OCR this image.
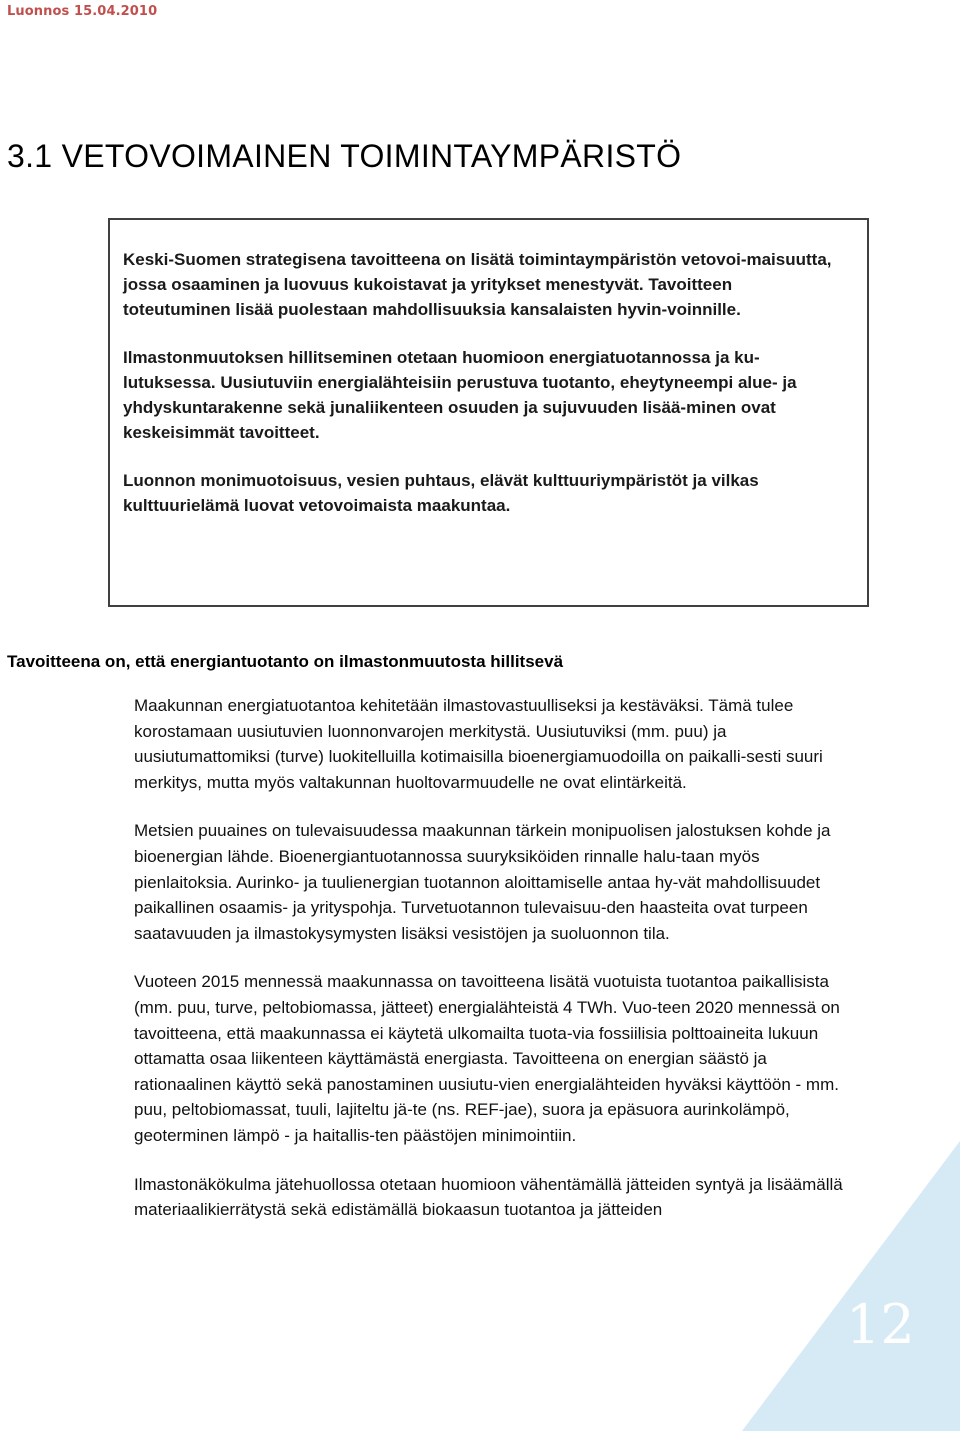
Luonnos 15.04.2010
3.1 VETOVOIMAINEN TOIMINTAYMPÄRISTÖ

Keski-Suomen strategisena tavoitteena on lisätä toimintaympäristön vetovoi-maisuutta, jossa osaaminen ja luovuus kukoistavat ja yritykset menestyvät. Tavoitteen toteutuminen lisää puolestaan mahdollisuuksia kansalaisten hyvin-voinnille.

Ilmastonmuutoksen hillitseminen otetaan huomioon energiatuotannossa ja ku-lutuksessa. Uusiutuviin energialähteisiin perustuva tuotanto, eheytyneempi alue- ja yhdyskuntarakenne sekä junaliikenteen osuuden ja sujuvuuden lisää-minen ovat keskeisimmät tavoitteet.

Luonnon monimuotoisuus, vesien puhtaus, elävät kulttuuriympäristöt ja vilkas kulttuurielämä luovat vetovoimaista maakuntaa.

Tavoitteena on, että energiantuotanto on ilmastonmuutosta hillitsevä

Maakunnan energiatuotantoa kehitetään ilmastovastuulliseksi ja kestäväksi. Tämä tulee korostamaan uusiutuvien luonnonvarojen merkitystä. Uusiutuviksi (mm. puu) ja uusiutumattomiksi (turve) luokitelluilla kotimaisilla bioenergiamuodoilla on paikalli-sesti suuri merkitys, mutta myös valtakunnan huoltovarmuudelle ne ovat elintärkeitä.

Metsien puuaines on tulevaisuudessa maakunnan tärkein monipuolisen jalostuksen kohde ja bioenergian lähde. Bioenergiantuotannossa suuryksiköiden rinnalle halu-taan myös pienlaitoksia. Aurinko- ja tuulienergian tuotannon aloittamiselle antaa hy-vät mahdollisuudet paikallinen osaamis- ja yrityspohja. Turvetuotannon tulevaisuu-den haasteita ovat turpeen saatavuuden ja ilmastokysymysten lisäksi vesistöjen ja suoluonnon tila.

Vuoteen 2015 mennessä maakunnassa on tavoitteena lisätä vuotuista tuotantoa paikallisista (mm. puu, turve, peltobiomassa, jätteet) energialähteistä 4 TWh. Vuo-teen 2020 mennessä on tavoitteena, että maakunnassa ei käytetä ulkomailta tuota-via fossiilisia polttoaineita lukuun ottamatta osaa liikenteen käyttämästä energiasta. Tavoitteena on energian säästö ja rationaalinen käyttö sekä panostaminen uusiutu-vien energialähteiden hyväksi käyttöön - mm. puu, peltobiomassat, tuuli, lajiteltu jä-te (ns. REF-jae), suora ja epäsuora aurinkolämpö, geoterminen lämpö - ja haitallis-ten päästöjen minimointiin.

Ilmastonäkökulma jätehuollossa otetaan huomioon vähentämällä jätteiden syntyä ja lisäämällä materiaalikierrätystä sekä edistämällä biokaasun tuotantoa ja jätteiden

12
